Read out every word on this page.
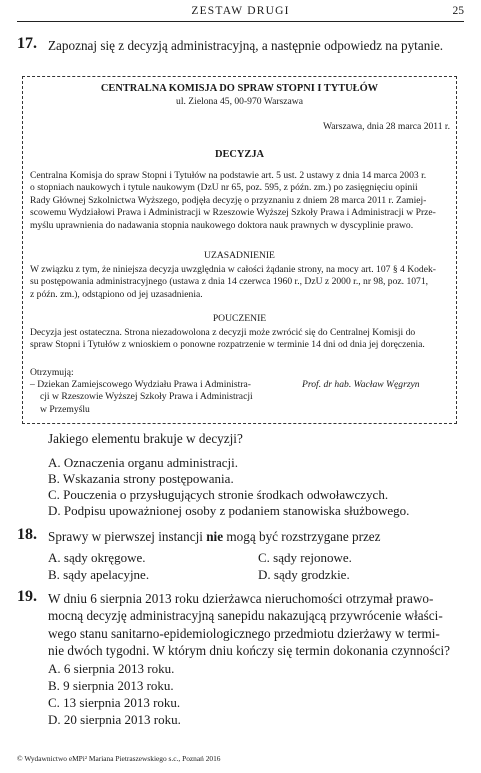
ZESTAW DRUGI	25
17. Zapoznaj się z decyzją administracyjną, a następnie odpowiedz na pytanie.
CENTRALNA KOMISJA DO SPRAW STOPNI I TYTUŁÓW
ul. Zielona 45, 00-970 Warszawa
Warszawa, dnia 28 marca 2011 r.
DECYZJA
Centralna Komisja do spraw Stopni i Tytułów na podstawie art. 5 ust. 2 ustawy z dnia 14 marca 2003 r.
o stopniach naukowych i tytule naukowym (DzU nr 65, poz. 595, z późn. zm.) po zasięgnięciu opinii
Rady Głównej Szkolnictwa Wyższego, podjęła decyzję o przyznaniu z dniem 28 marca 2011 r. Zamiej-
scowemu Wydziałowi Prawa i Administracji w Rzeszowie Wyższej Szkoły Prawa i Administracji w Prze-
myślu uprawnienia do nadawania stopnia naukowego doktora nauk prawnych w dyscyplinie prawo.
UZASADNIENIE
W związku z tym, że niniejsza decyzja uwzględnia w całości żądanie strony, na mocy art. 107 § 4 Kodek-
su postępowania administracyjnego (ustawa z dnia 14 czerwca 1960 r., DzU z 2000 r., nr 98, poz. 1071,
z późn. zm.), odstąpiono od jej uzasadnienia.
POUCZENIE
Decyzja jest ostateczna. Strona niezadowolona z decyzji może zwrócić się do Centralnej Komisji do
spraw Stopni i Tytułów z wnioskiem o ponowne rozpatrzenie w terminie 14 dni od dnia jej doręczenia.
Otrzymują:
– Dziekan Zamiejscowego Wydziału Prawa i Administra-
cji w Rzeszowie Wyższej Szkoły Prawa i Administracji
w Przemyślu
Prof. dr hab. Wacław Węgrzyn
Jakiego elementu brakuje w decyzji?
A. Oznaczenia organu administracji.
B. Wskazania strony postępowania.
C. Pouczenia o przysługujących stronie środkach odwoławczych.
D. Podpisu upoważnionej osoby z podaniem stanowiska służbowego.
18. Sprawy w pierwszej instancji nie mogą być rozstrzygane przez
A. sądy okręgowe.
B. sądy apelacyjne.
C. sądy rejonowe.
D. sądy grodzkie.
19. W dniu 6 sierpnia 2013 roku dzierżawca nieruchomości otrzymał prawo-
mocną decyzję administracyjną sanepidu nakazującą przywrócenie właści-
wego stanu sanitarno-epidemiologicznego przedmiotu dzierżawy w termi-
nie dwóch tygodni. W którym dniu kończy się termin dokonania czynności?
A. 6 sierpnia 2013 roku.
B. 9 sierpnia 2013 roku.
C. 13 sierpnia 2013 roku.
D. 20 sierpnia 2013 roku.
© Wydawnictwo eMPi² Mariana Pietraszewskiego s.c., Poznań 2016
